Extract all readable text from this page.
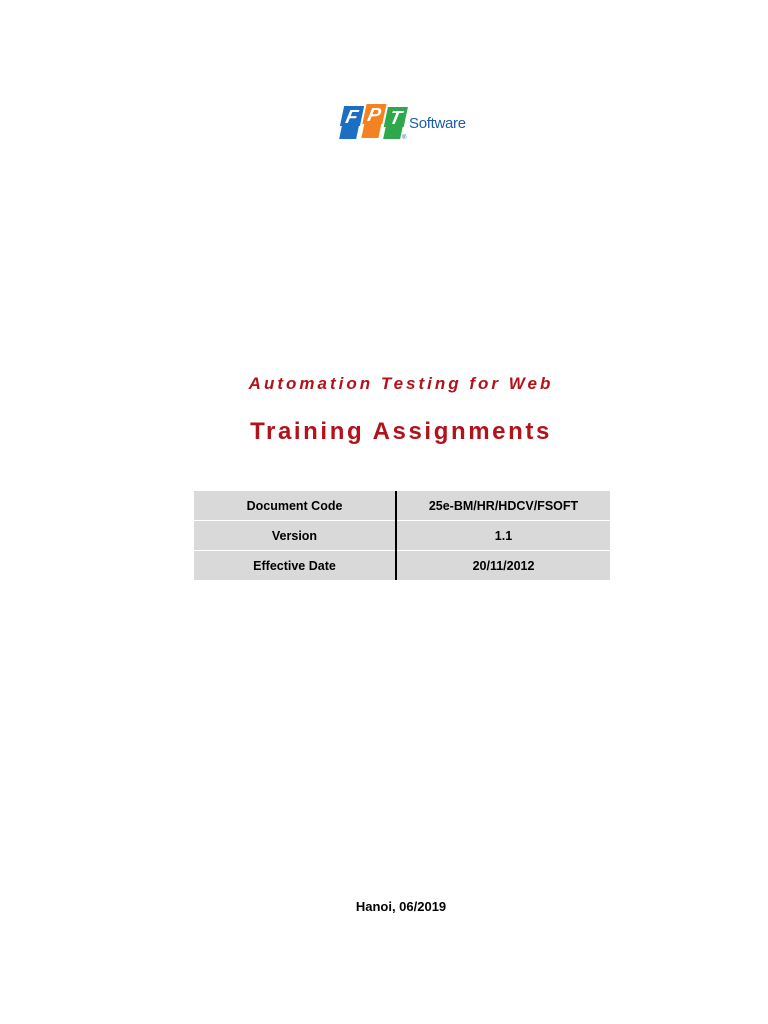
F P T
®
Software
Automation Testing for Web
Training Assignments
Document Code	25e-BM/HR/HDCV/FSOFT
Version	1.1
Effective Date	20/11/2012
Hanoi, 06/2019
